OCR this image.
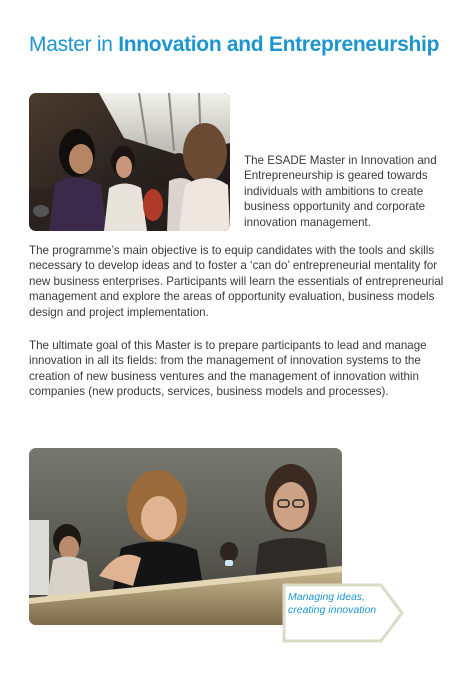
Master in Innovation and Entrepreneurship

The ESADE Master in Innovation and Entrepreneurship is geared towards individuals with ambitions to create business opportunity and corporate innovation management.

The programme’s main objective is to equip candidates with the tools and skills necessary to develop ideas and to foster a ‘can do’ entrepreneurial mentality for new business enterprises. Participants will learn the essentials of entrepreneurial management and explore the areas of opportunity evaluation, business models design and project implementation.

The ultimate goal of this Master is to prepare participants to lead and manage innovation in all its fields: from the management of innovation systems to the creation of new business ventures and the management of innovation within companies (new products, services, business models and processes).

Managing ideas,
creating innovation
